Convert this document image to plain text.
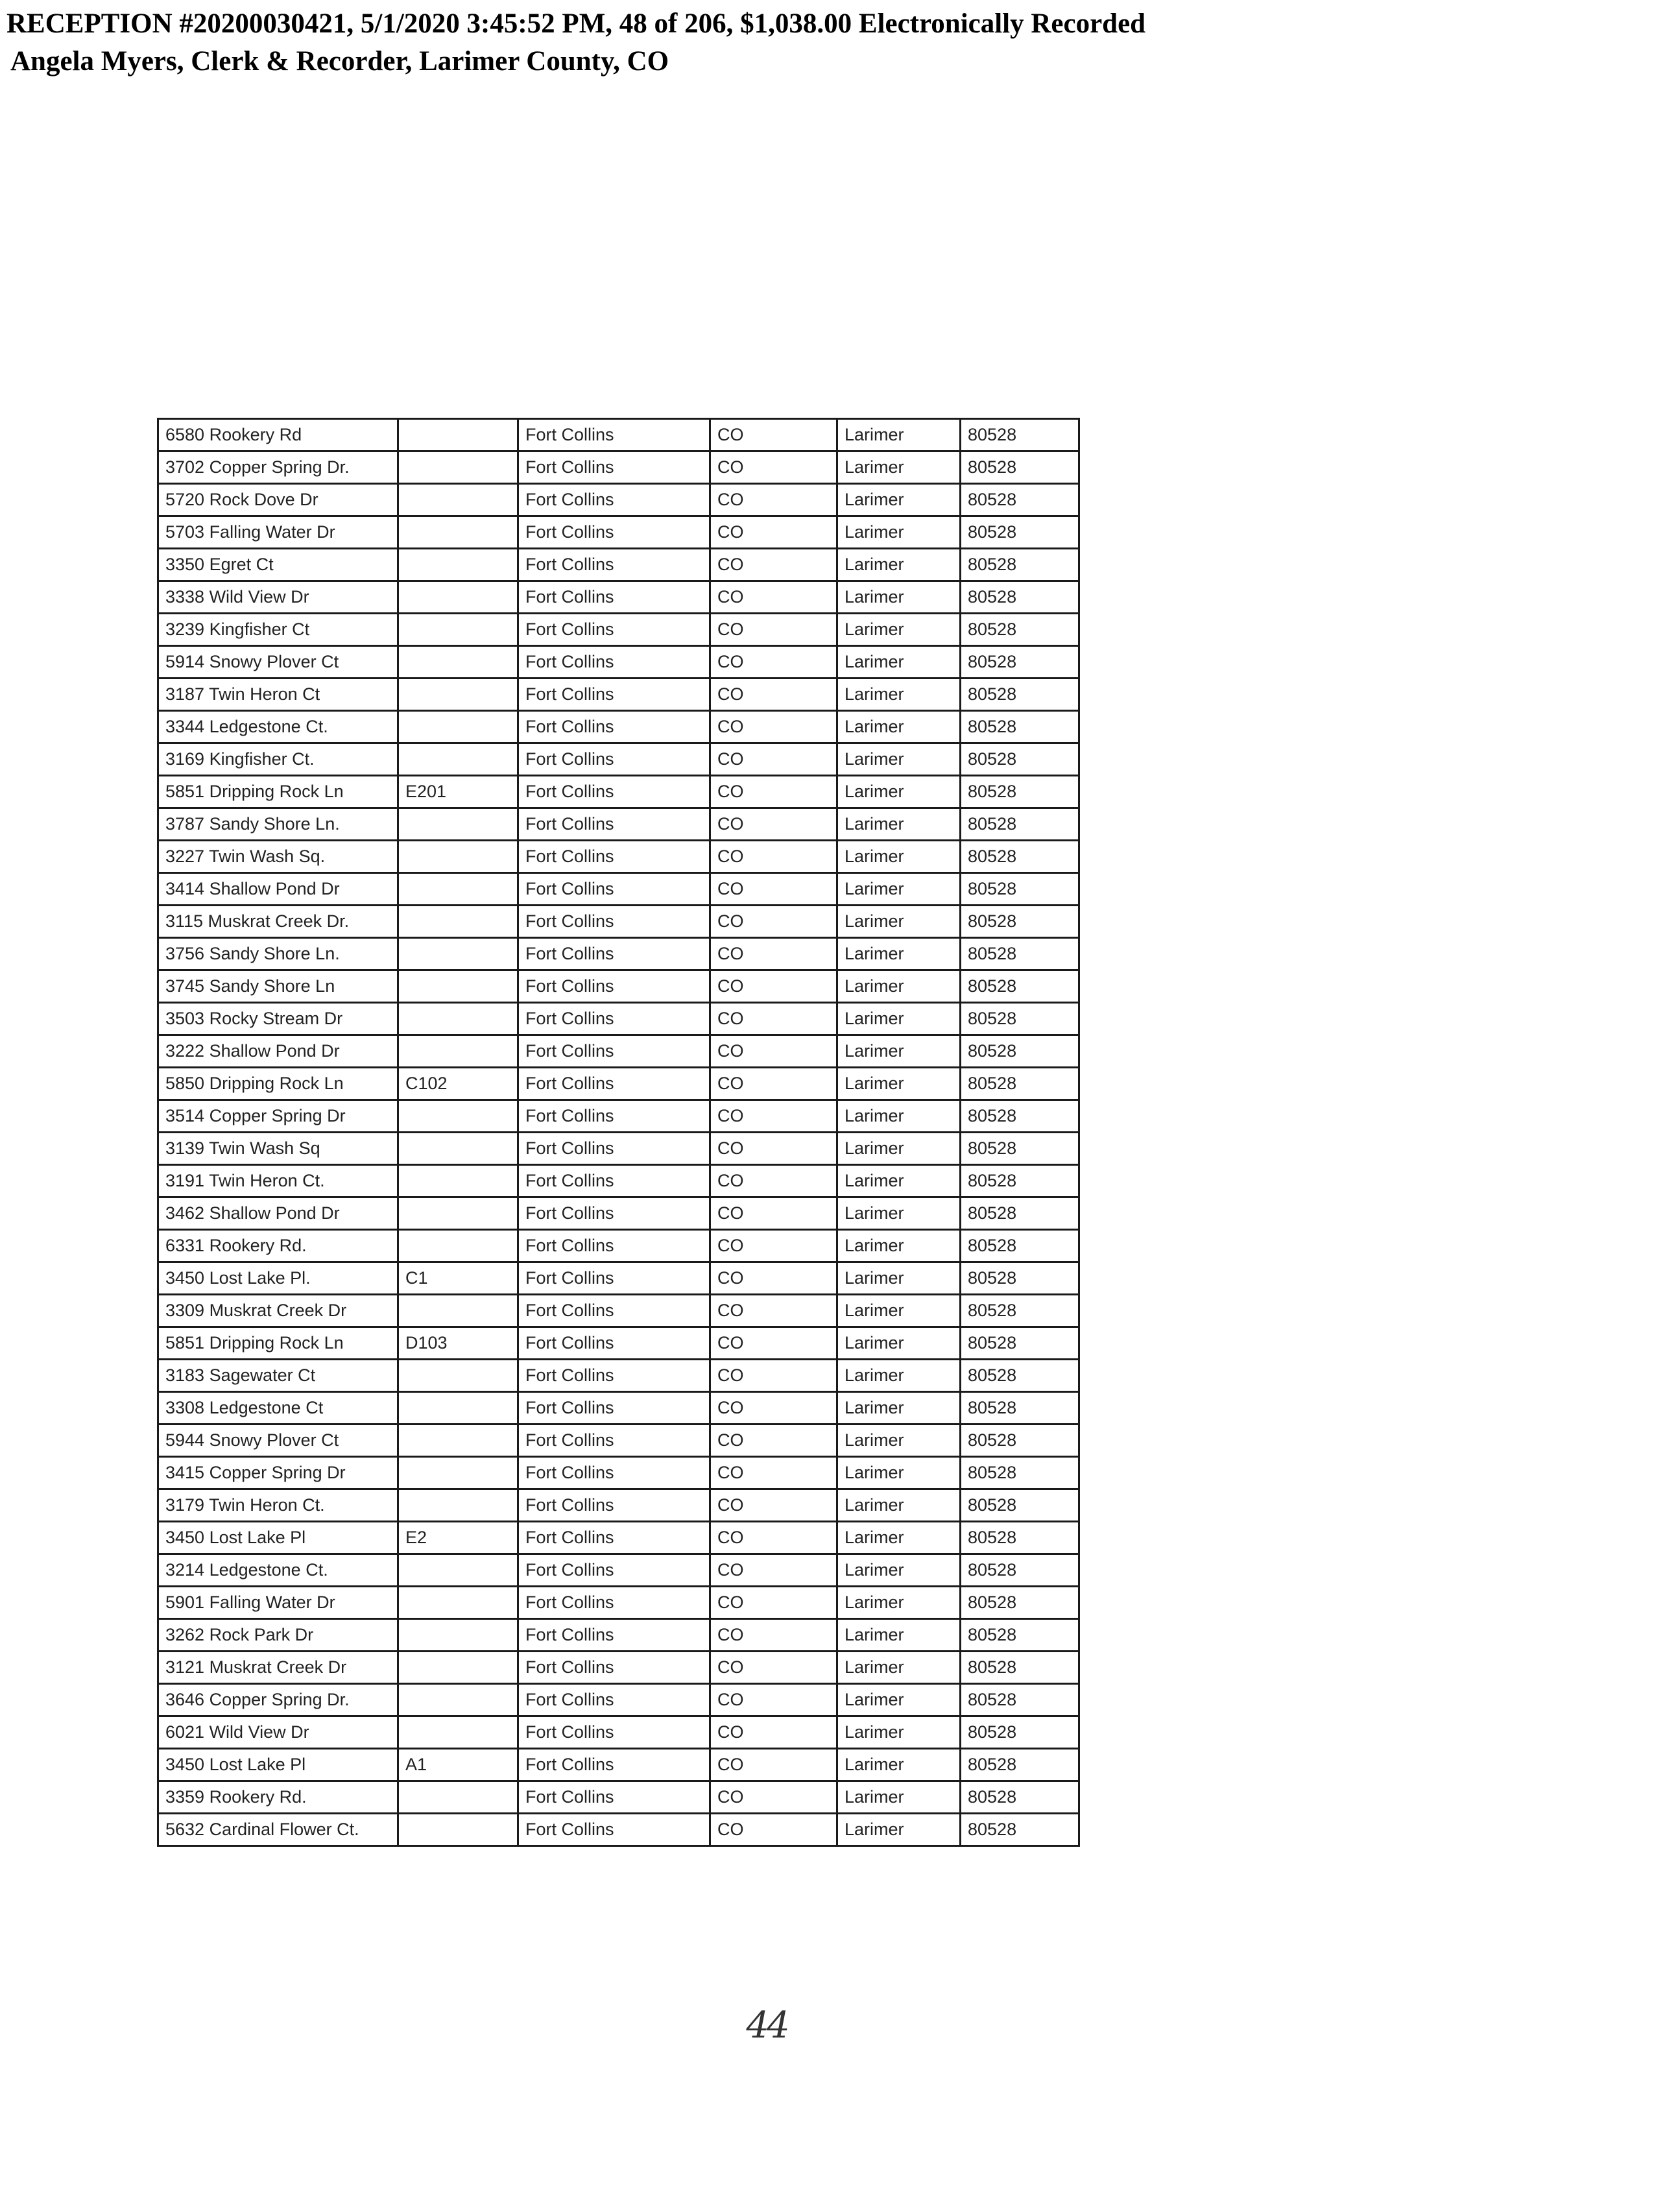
RECEPTION #20200030421, 5/1/2020 3:45:52 PM, 48 of 206, $1,038.00 Electronically Recorded
Angela Myers, Clerk & Recorder, Larimer County, CO
6580 Rookery Rd		Fort Collins	CO	Larimer	80528
3702 Copper Spring Dr.		Fort Collins	CO	Larimer	80528
5720 Rock Dove Dr		Fort Collins	CO	Larimer	80528
5703 Falling Water Dr		Fort Collins	CO	Larimer	80528
3350 Egret Ct		Fort Collins	CO	Larimer	80528
3338 Wild View Dr		Fort Collins	CO	Larimer	80528
3239 Kingfisher Ct		Fort Collins	CO	Larimer	80528
5914 Snowy Plover Ct		Fort Collins	CO	Larimer	80528
3187 Twin Heron Ct		Fort Collins	CO	Larimer	80528
3344 Ledgestone Ct.		Fort Collins	CO	Larimer	80528
3169 Kingfisher Ct.		Fort Collins	CO	Larimer	80528
5851 Dripping Rock Ln	E201	Fort Collins	CO	Larimer	80528
3787 Sandy Shore Ln.		Fort Collins	CO	Larimer	80528
3227 Twin Wash Sq.		Fort Collins	CO	Larimer	80528
3414 Shallow Pond Dr		Fort Collins	CO	Larimer	80528
3115 Muskrat Creek Dr.		Fort Collins	CO	Larimer	80528
3756 Sandy Shore Ln.		Fort Collins	CO	Larimer	80528
3745 Sandy Shore Ln		Fort Collins	CO	Larimer	80528
3503 Rocky Stream Dr		Fort Collins	CO	Larimer	80528
3222 Shallow Pond Dr		Fort Collins	CO	Larimer	80528
5850 Dripping Rock Ln	C102	Fort Collins	CO	Larimer	80528
3514 Copper Spring Dr		Fort Collins	CO	Larimer	80528
3139 Twin Wash Sq		Fort Collins	CO	Larimer	80528
3191 Twin Heron Ct.		Fort Collins	CO	Larimer	80528
3462 Shallow Pond Dr		Fort Collins	CO	Larimer	80528
6331 Rookery Rd.		Fort Collins	CO	Larimer	80528
3450 Lost Lake Pl.	C1	Fort Collins	CO	Larimer	80528
3309 Muskrat Creek Dr		Fort Collins	CO	Larimer	80528
5851 Dripping Rock Ln	D103	Fort Collins	CO	Larimer	80528
3183 Sagewater Ct		Fort Collins	CO	Larimer	80528
3308 Ledgestone Ct		Fort Collins	CO	Larimer	80528
5944 Snowy Plover Ct		Fort Collins	CO	Larimer	80528
3415 Copper Spring Dr		Fort Collins	CO	Larimer	80528
3179 Twin Heron Ct.		Fort Collins	CO	Larimer	80528
3450 Lost Lake Pl	E2	Fort Collins	CO	Larimer	80528
3214 Ledgestone Ct.		Fort Collins	CO	Larimer	80528
5901 Falling Water Dr		Fort Collins	CO	Larimer	80528
3262 Rock Park Dr		Fort Collins	CO	Larimer	80528
3121 Muskrat Creek Dr		Fort Collins	CO	Larimer	80528
3646 Copper Spring Dr.		Fort Collins	CO	Larimer	80528
6021 Wild View Dr		Fort Collins	CO	Larimer	80528
3450 Lost Lake Pl	A1	Fort Collins	CO	Larimer	80528
3359 Rookery Rd.		Fort Collins	CO	Larimer	80528
5632 Cardinal Flower Ct.		Fort Collins	CO	Larimer	80528
44
